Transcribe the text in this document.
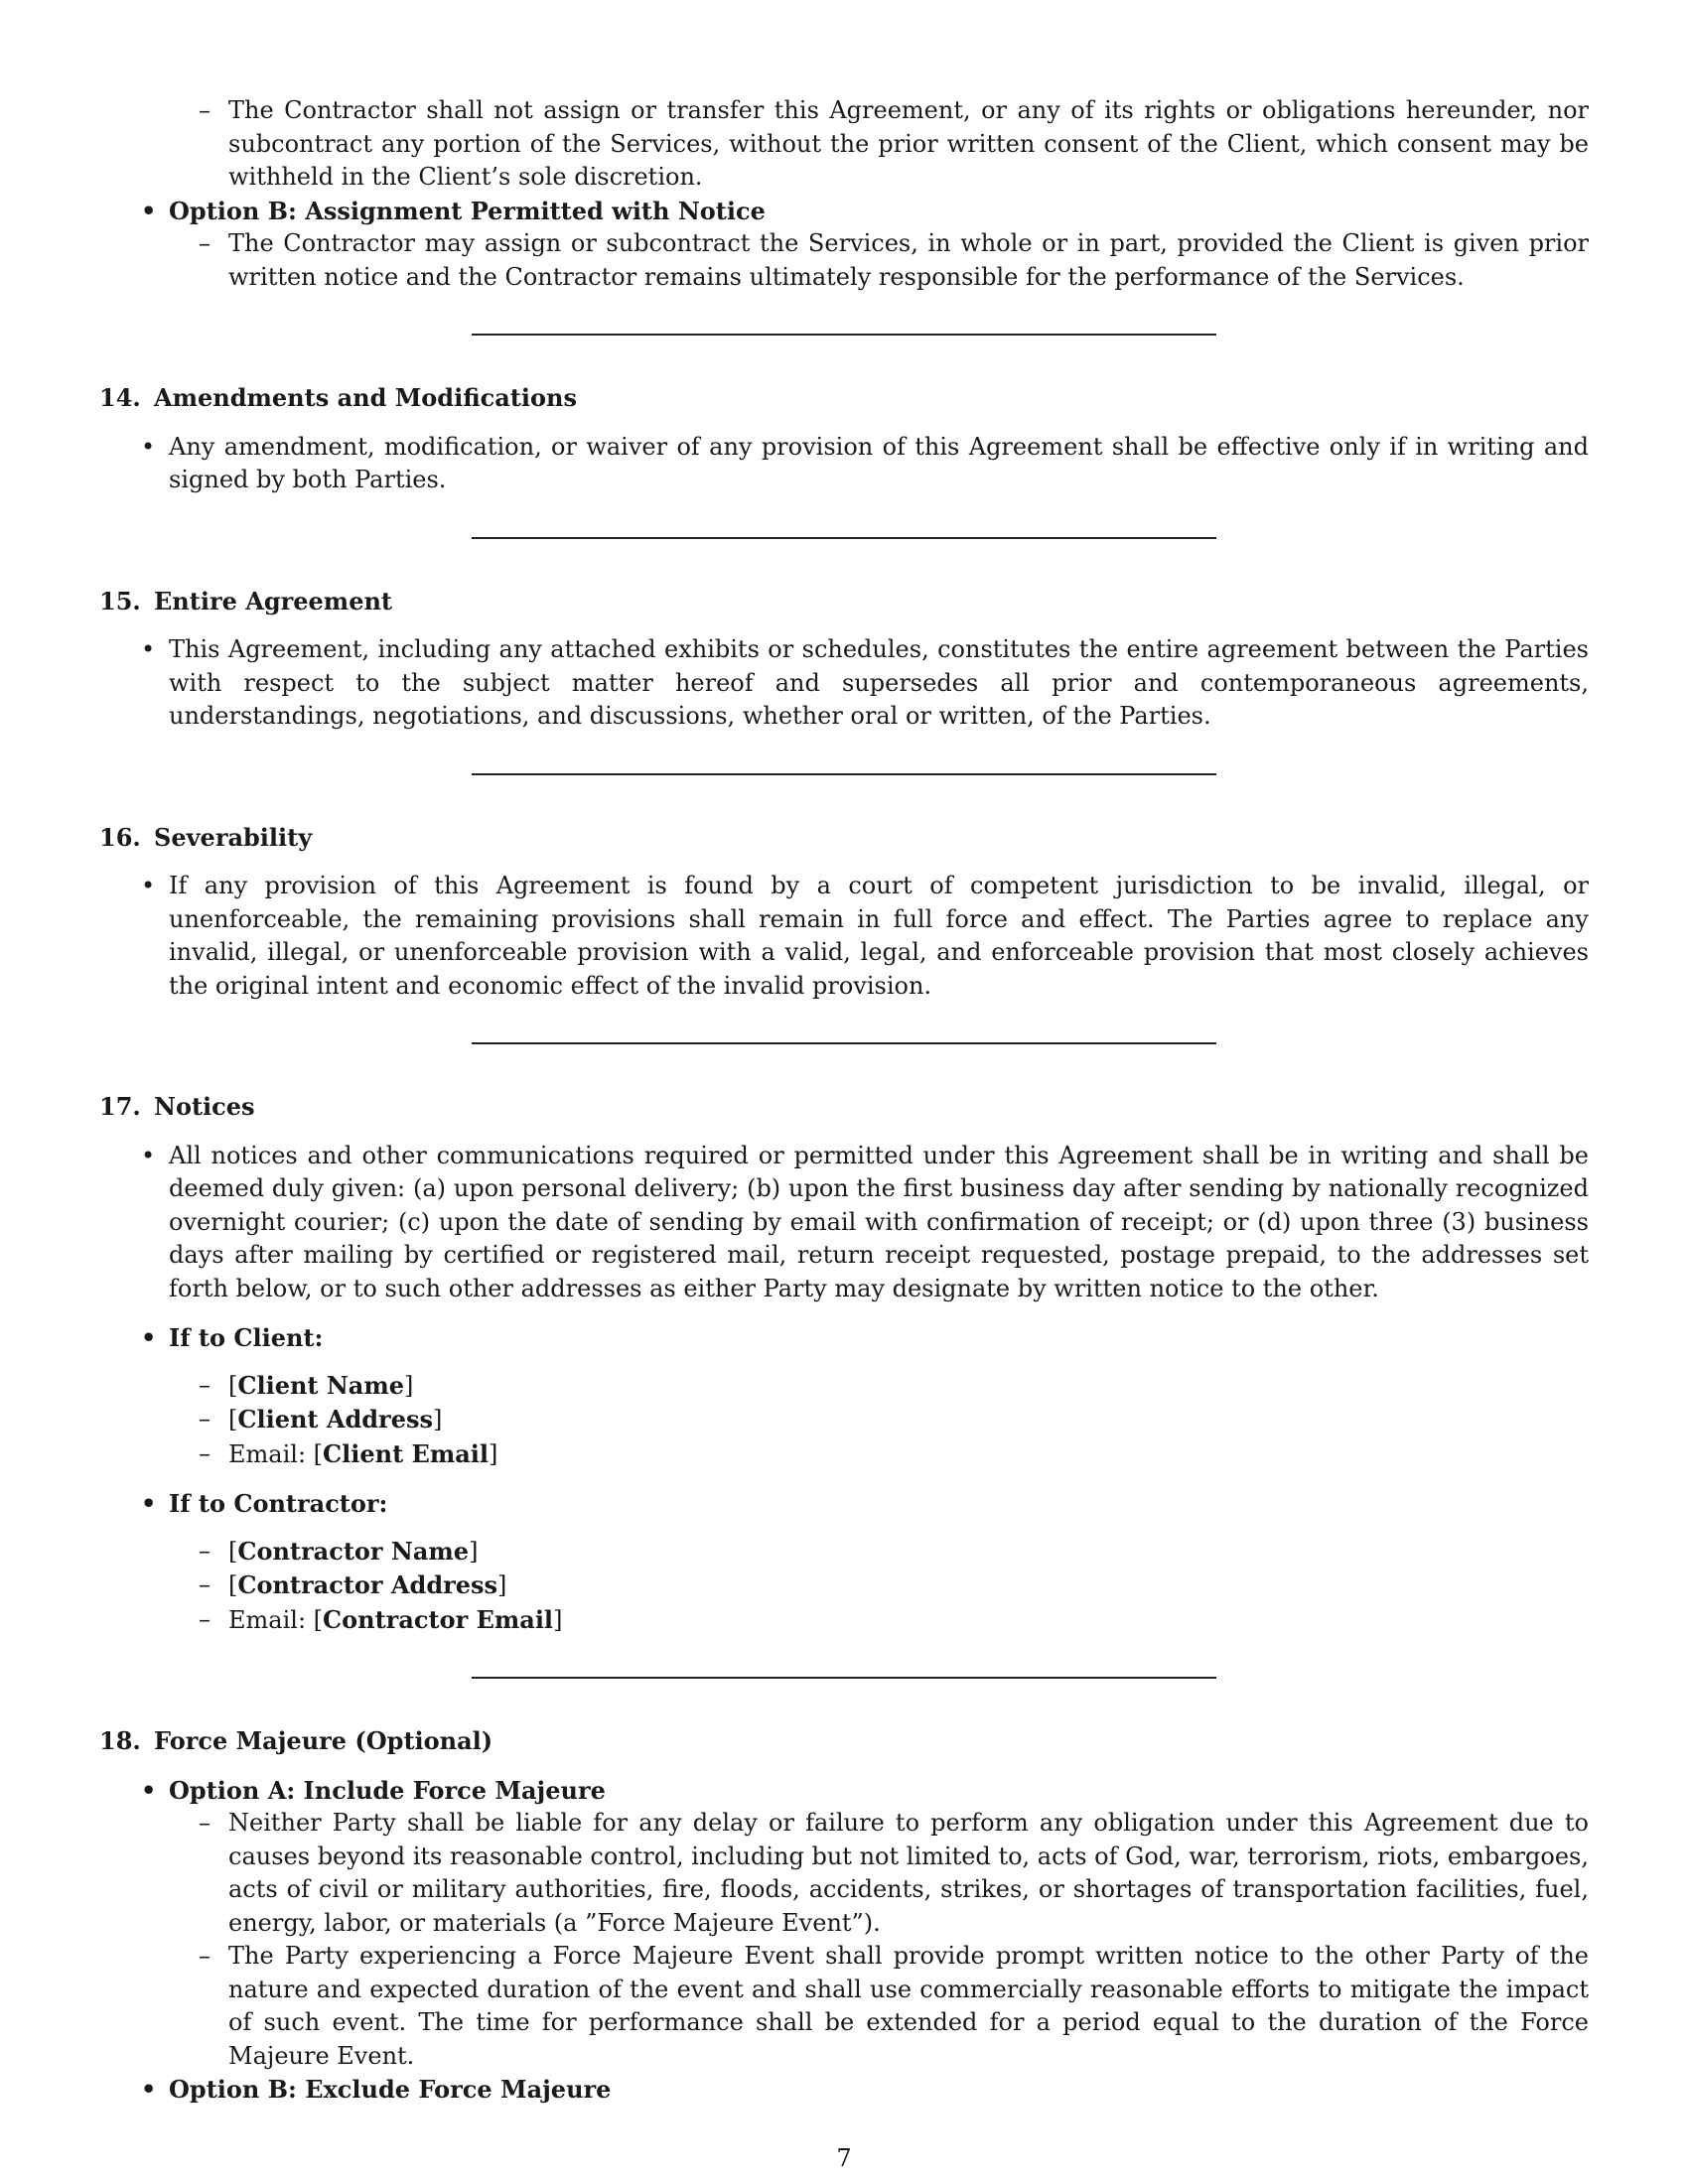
– The Contractor shall not assign or transfer this Agreement, or any of its rights or obligations hereunder, nor subcontract any portion of the Services, without the prior written consent of the Client, which consent may be withheld in the Client’s sole discretion.
• Option B: Assignment Permitted with Notice
– The Contractor may assign or subcontract the Services, in whole or in part, provided the Client is given prior written notice and the Contractor remains ultimately responsible for the performance of the Services.
14. Amendments and Modifications
• Any amendment, modification, or waiver of any provision of this Agreement shall be effective only if in writing and signed by both Parties.
15. Entire Agreement
• This Agreement, including any attached exhibits or schedules, constitutes the entire agreement between the Parties with respect to the subject matter hereof and supersedes all prior and contemporaneous agreements, understandings, negotiations, and discussions, whether oral or written, of the Parties.
16. Severability
• If any provision of this Agreement is found by a court of competent jurisdiction to be invalid, illegal, or unenforceable, the remaining provisions shall remain in full force and effect. The Parties agree to replace any invalid, illegal, or unenforceable provision with a valid, legal, and enforceable provision that most closely achieves the original intent and economic effect of the invalid provision.
17. Notices
• All notices and other communications required or permitted under this Agreement shall be in writing and shall be deemed duly given: (a) upon personal delivery; (b) upon the first business day after sending by nationally recognized overnight courier; (c) upon the date of sending by email with confirmation of receipt; or (d) upon three (3) business days after mailing by certified or registered mail, return receipt requested, postage prepaid, to the addresses set forth below, or to such other addresses as either Party may designate by written notice to the other.
• If to Client:
– [Client Name]
– [Client Address]
– Email: [Client Email]
• If to Contractor:
– [Contractor Name]
– [Contractor Address]
– Email: [Contractor Email]
18. Force Majeure (Optional)
• Option A: Include Force Majeure
– Neither Party shall be liable for any delay or failure to perform any obligation under this Agreement due to causes beyond its reasonable control, including but not limited to, acts of God, war, terrorism, riots, embargoes, acts of civil or military authorities, fire, floods, accidents, strikes, or shortages of transportation facilities, fuel, energy, labor, or materials (a ”Force Majeure Event”).
– The Party experiencing a Force Majeure Event shall provide prompt written notice to the other Party of the nature and expected duration of the event and shall use commercially reasonable efforts to mitigate the impact of such event. The time for performance shall be extended for a period equal to the duration of the Force Majeure Event.
• Option B: Exclude Force Majeure
7
